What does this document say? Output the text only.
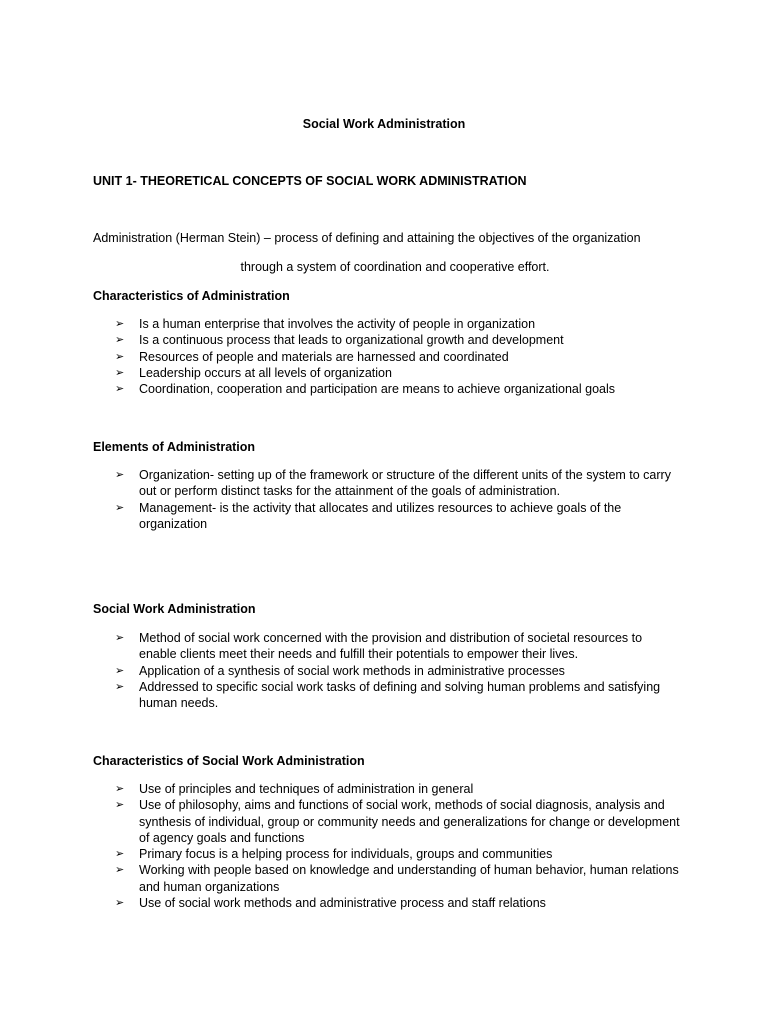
Social Work Administration
UNIT 1- THEORETICAL CONCEPTS OF SOCIAL WORK ADMINISTRATION
Administration (Herman Stein) – process of defining and attaining the objectives of the organization
through a system of coordination and cooperative effort.
Characteristics of Administration
➢	Is a human enterprise that involves the activity of people in organization
➢	Is a continuous process that leads to organizational growth and development
➢	Resources of people and materials are harnessed and coordinated
➢	Leadership occurs at all levels of organization
➢	Coordination, cooperation and participation are means to achieve organizational goals
Elements of Administration
➢	Organization- setting up of the framework or structure of the different units of the system to carry out or perform distinct tasks for the attainment of the goals of administration.
➢	Management- is the activity that allocates and utilizes resources to achieve goals of the organization
Social Work Administration
➢	Method of social work concerned with the provision and distribution of societal resources to enable clients meet their needs and fulfill their potentials to empower their lives.
➢	Application of a synthesis of social work methods in administrative processes
➢	Addressed to specific social work tasks of defining and solving human problems and satisfying human needs.
Characteristics of Social Work Administration
➢	Use of principles and techniques of administration in general
➢	Use of philosophy, aims and functions of social work, methods of social diagnosis, analysis and synthesis of individual, group or community needs and generalizations for change or development of agency goals and functions
➢	Primary focus is a helping process for individuals, groups and communities
➢	Working with people based on knowledge and understanding of human behavior, human relations and human organizations
➢	Use of social work methods and administrative process and staff relations
